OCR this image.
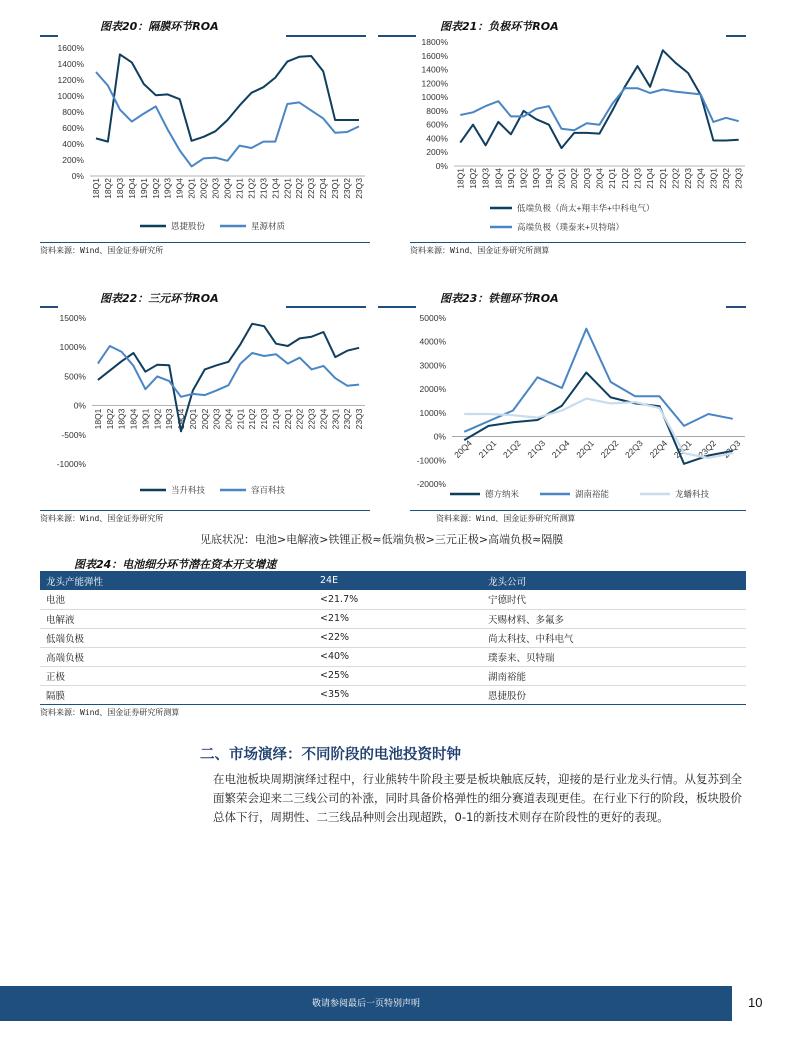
图表20：隔膜环节ROA
0%
200%
400%
600%
800%
1000%
1200%
1400%
1600%
18Q1 18Q2 18Q3 18Q4 19Q1 19Q2 19Q3 19Q4 20Q1 20Q2 20Q3 20Q4 21Q1 21Q2 21Q3 21Q4 22Q1 22Q2 22Q3 22Q4 23Q1 23Q2 23Q3
恩捷股份	星源材质
资料来源：Wind、国金证券研究所
图表21：负极环节ROA
0%
200%
400%
600%
800%
1000%
1200%
1400%
1600%
1800%
18Q1 18Q2 18Q3 18Q4 19Q1 19Q2 19Q3 19Q4 20Q1 20Q2 20Q3 20Q4 21Q1 21Q2 21Q3 21Q4 22Q1 22Q2 22Q3 22Q4 23Q1 23Q2 23Q3
低端负极（尚太+翔丰华+中科电气）
高端负极（璞泰来+贝特瑞）
资料来源：Wind、国金证券研究所测算
图表22：三元环节ROA
-1000%
-500%
0%
500%
1000%
1500%
18Q1 18Q2 18Q3 18Q4 19Q1 19Q2 19Q3 19Q4 20Q1 20Q2 20Q3 20Q4 21Q1 21Q2 21Q3 21Q4 22Q1 22Q2 22Q3 22Q4 23Q1 23Q2 23Q3
当升科技	容百科技
资料来源：Wind、国金证券研究所
图表23：铁锂环节ROA
-2000%
-1000%
0%
1000%
2000%
3000%
4000%
5000%
20Q4 21Q1 21Q2 21Q3 21Q4 22Q1 22Q2 22Q3 22Q4 23Q1 23Q2 23Q3
德方纳米	湖南裕能	龙蟠科技
资料来源：Wind、国金证券研究所测算
见底状况：电池>电解液>铁锂正极≈低端负极>三元正极>高端负极≈隔膜
图表24：电池细分环节潜在资本开支增速
龙头产能弹性	24E	龙头公司
电池	<21.7%	宁德时代
电解液	<21%	天赐材料、多氟多
低端负极	<22%	尚太科技、中科电气
高端负极	<40%	璞泰来、贝特瑞
正极	<25%	湖南裕能
隔膜	<35%	恩捷股份
资料来源：Wind、国金证券研究所测算
二、市场演绎：不同阶段的电池投资时钟
在电池板块周期演绎过程中，行业熊转牛阶段主要是板块触底反转，迎接的是行业龙头行情。从复苏到全面繁荣会迎来二三线公司的补涨，同时具备价格弹性的细分赛道表现更佳。在行业下行的阶段，板块股价总体下行，周期性、二三线品种则会出现超跌，0-1的新技术则存在阶段性的更好的表现。
敬请参阅最后一页特别声明	10
